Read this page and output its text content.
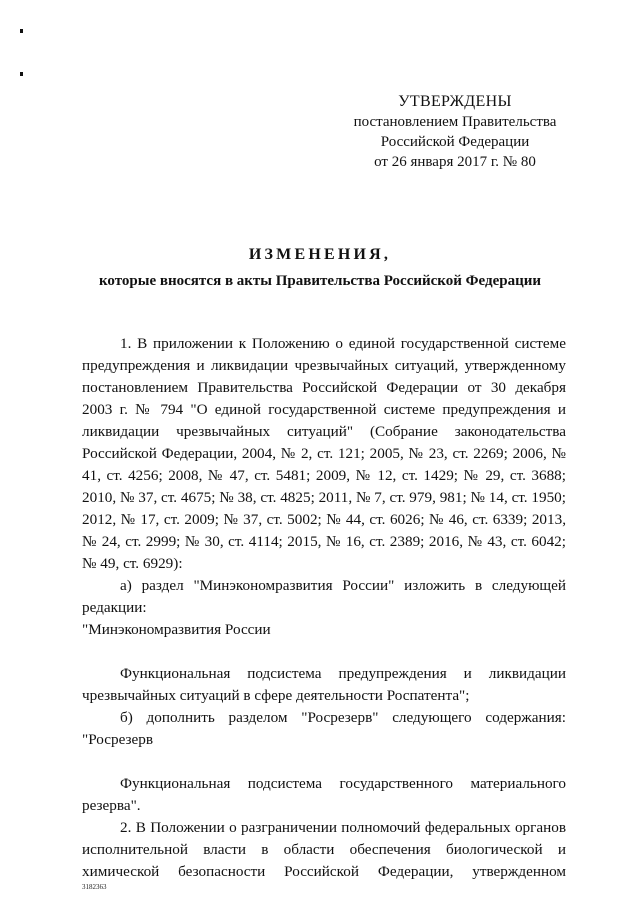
УТВЕРЖДЕНЫ
постановлением Правительства
Российской Федерации
от 26 января 2017 г. № 80
ИЗМЕНЕНИЯ,
которые вносятся в акты Правительства Российской Федерации

1. В приложении к Положению о единой государственной системе предупреждения и ликвидации чрезвычайных ситуаций, утвержденному постановлением Правительства Российской Федерации от 30 декабря 2003 г. № 794 "О единой государственной системе предупреждения и ликвидации чрезвычайных ситуаций" (Собрание законодательства Российской Федерации, 2004, № 2, ст. 121; 2005, № 23, ст. 2269; 2006, № 41, ст. 4256; 2008, № 47, ст. 5481; 2009, № 12, ст. 1429; № 29, ст. 3688; 2010, № 37, ст. 4675; № 38, ст. 4825; 2011, № 7, ст. 979, 981; № 14, ст. 1950; 2012, № 17, ст. 2009; № 37, ст. 5002; № 44, ст. 6026; № 46, ст. 6339; 2013, № 24, ст. 2999; № 30, ст. 4114; 2015, № 16, ст. 2389; 2016, № 43, ст. 6042; № 49, ст. 6929):

а) раздел "Минэкономразвития России" изложить в следующей редакции:

"Минэкономразвития России

Функциональная подсистема предупреждения и ликвидации чрезвычайных ситуаций в сфере деятельности Роспатента";

б) дополнить разделом "Росрезерв" следующего содержания:

"Росрезерв

Функциональная подсистема государственного материального резерва".

2. В Положении о разграничении полномочий федеральных органов исполнительной власти в области обеспечения биологической и химической безопасности Российской Федерации, утвержденном

3182363
